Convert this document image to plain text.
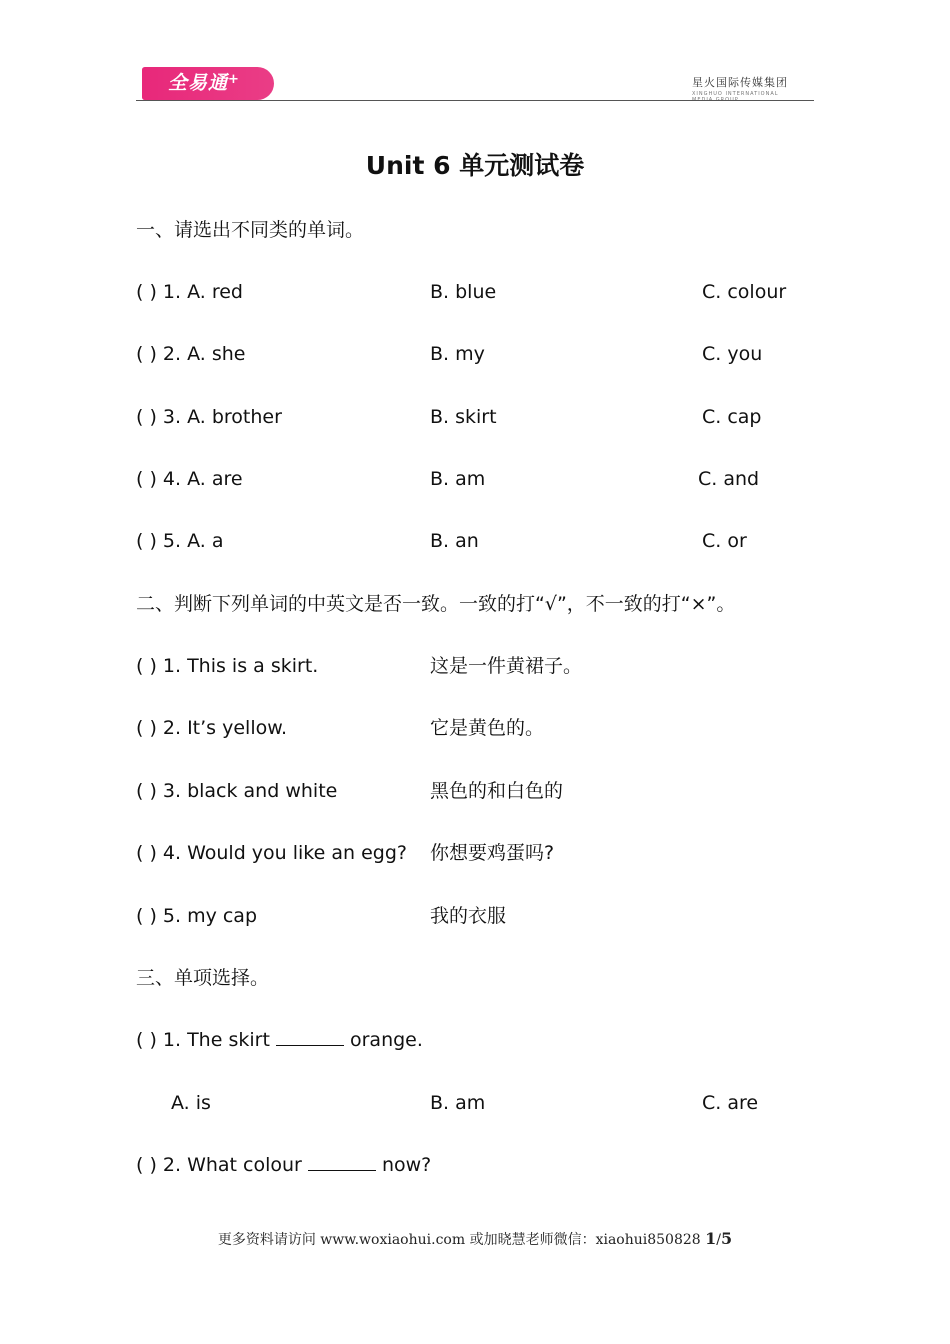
全易通+	星火国际传媒集团
XINGHUO INTERNATIONAL MEDIA GROUP
Unit 6 单元测试卷
一、请选出不同类的单词。
( ) 1. A. red	B. blue	C. colour
( ) 2. A. she	B. my	C. you
( ) 3. A. brother	B. skirt	C. cap
( ) 4. A. are	B. am	C. and
( ) 5. A. a	B. an	C. or
二、判断下列单词的中英文是否一致。一致的打“√”，不一致的打“×”。
( ) 1. This is a skirt.	这是一件黄裙子。
( ) 2. It’s yellow.	它是黄色的。
( ) 3. black and white	黑色的和白色的
( ) 4. Would you like an egg? 你想要鸡蛋吗?
( ) 5. my cap	我的衣服
三、单项选择。
( ) 1. The skirt	orange.
A. is	B. am	C. are
( ) 2. What colour	now?
更多资料请访问 www.woxiaohui.com 或加晓慧老师微信：xiaohui850828 1/5
